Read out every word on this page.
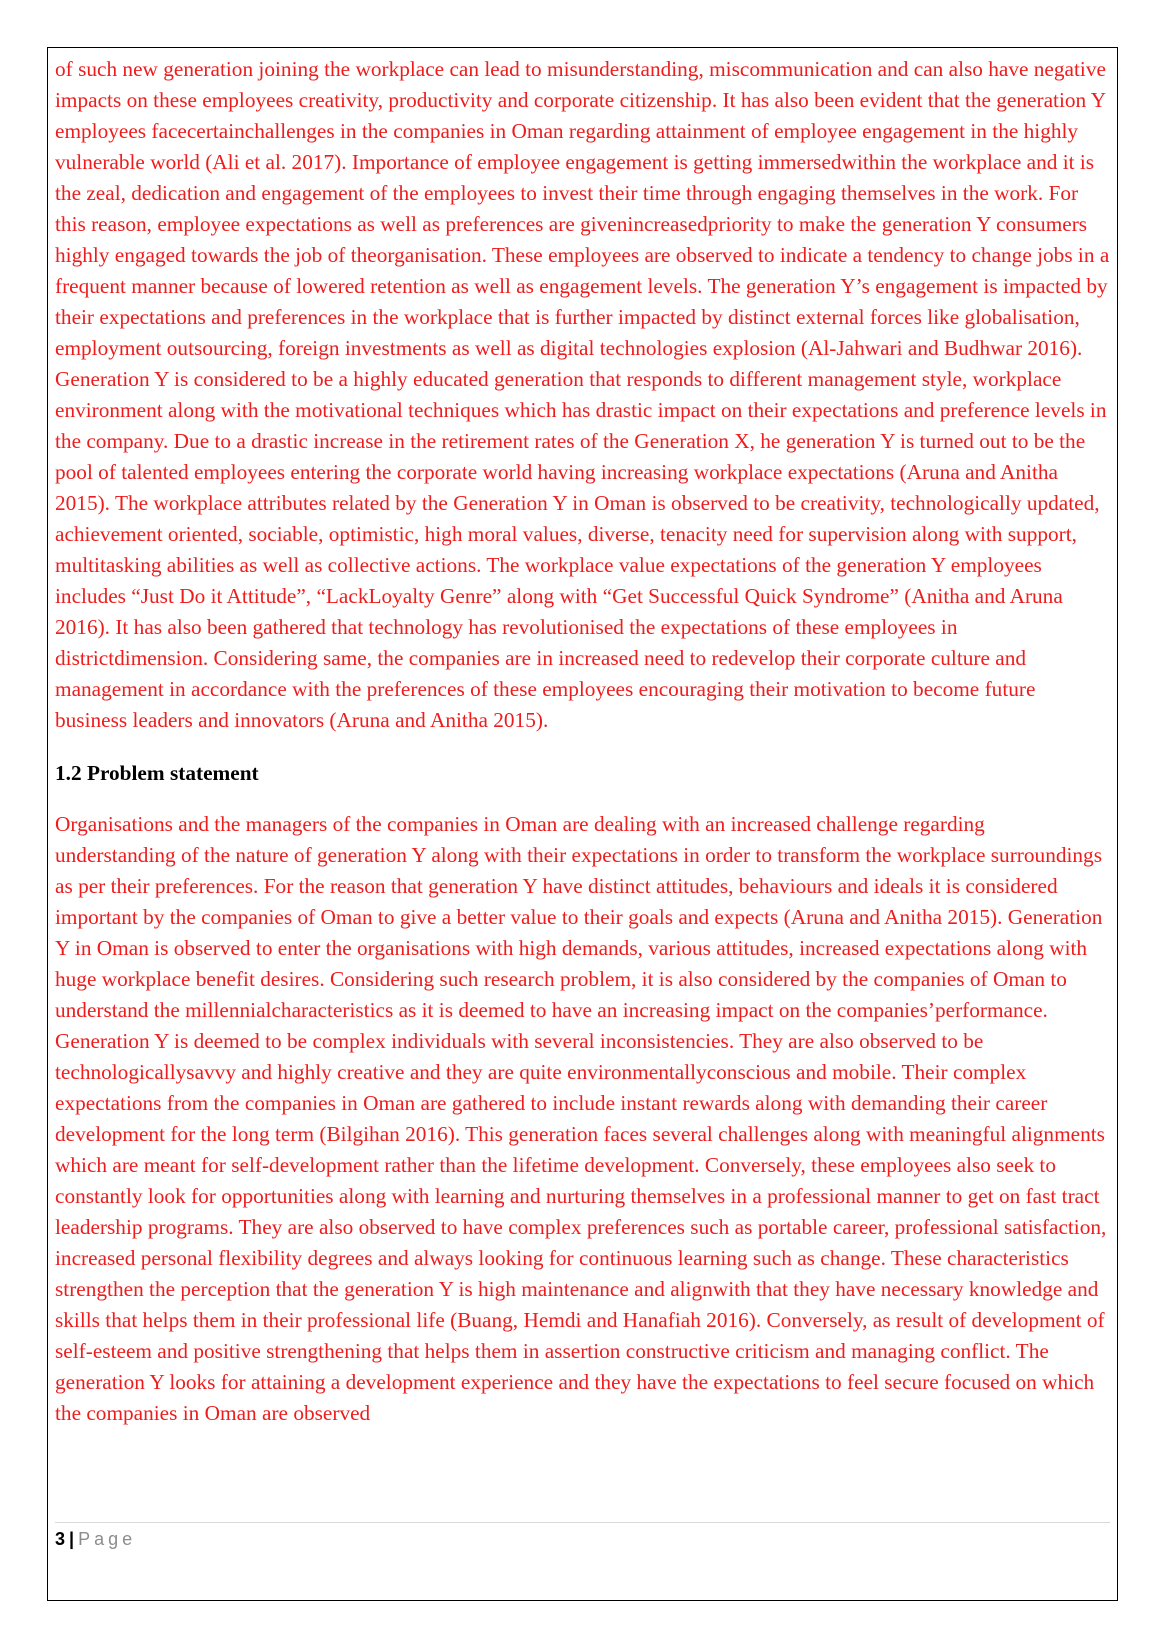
of such new generation joining the workplace can lead to misunderstanding, miscommunication and can also have negative impacts on these employees creativity, productivity and corporate citizenship. It has also been evident that the generation Y employees facecertainchallenges in the companies in Oman regarding attainment of employee engagement in the highly vulnerable world (Ali et al. 2017). Importance of employee engagement is getting immersedwithin the workplace and it is the zeal, dedication and engagement of the employees to invest their time through engaging themselves in the work. For this reason, employee expectations as well as preferences are givenincreasedpriority to make the generation Y consumers highly engaged towards the job of theorganisation. These employees are observed to indicate a tendency to change jobs in a frequent manner because of lowered retention as well as engagement levels. The generation Y’s engagement is impacted by their expectations and preferences in the workplace that is further impacted by distinct external forces like globalisation, employment outsourcing, foreign investments as well as digital technologies explosion (Al-Jahwari and Budhwar 2016). Generation Y is considered to be a highly educated generation that responds to different management style, workplace environment along with the motivational techniques which has drastic impact on their expectations and preference levels in the company. Due to a drastic increase in the retirement rates of the Generation X, he generation Y is turned out to be the pool of talented employees entering the corporate world having increasing workplace expectations (Aruna and Anitha 2015). The workplace attributes related by the Generation Y in Oman is observed to be creativity, technologically updated, achievement oriented, sociable, optimistic, high moral values, diverse, tenacity need for supervision along with support, multitasking abilities as well as collective actions. The workplace value expectations of the generation Y employees includes “Just Do it Attitude”, “LackLoyalty Genre” along with “Get Successful Quick Syndrome” (Anitha and Aruna 2016). It has also been gathered that technology has revolutionised the expectations of these employees in districtdimension. Considering same, the companies are in increased need to redevelop their corporate culture and management in accordance with the preferences of these employees encouraging their motivation to become future business leaders and innovators (Aruna and Anitha 2015).

1.2 Problem statement

Organisations and the managers of the companies in Oman are dealing with an increased challenge regarding understanding of the nature of generation Y along with their expectations in order to transform the workplace surroundings as per their preferences. For the reason that generation Y have distinct attitudes, behaviours and ideals it is considered important by the companies of Oman to give a better value to their goals and expects (Aruna and Anitha 2015). Generation Y in Oman is observed to enter the organisations with high demands, various attitudes, increased expectations along with huge workplace benefit desires. Considering such research problem, it is also considered by the companies of Oman to understand the millennialcharacteristics as it is deemed to have an increasing impact on the companies’performance. Generation Y is deemed to be complex individuals with several inconsistencies. They are also observed to be technologicallysavvy and highly creative and they are quite environmentallyconscious and mobile. Their complex expectations from the companies in Oman are gathered to include instant rewards along with demanding their career development for the long term (Bilgihan 2016). This generation faces several challenges along with meaningful alignments which are meant for self-development rather than the lifetime development. Conversely, these employees also seek to constantly look for opportunities along with learning and nurturing themselves in a professional manner to get on fast tract leadership programs. They are also observed to have complex preferences such as portable career, professional satisfaction, increased personal flexibility degrees and always looking for continuous learning such as change. These characteristics strengthen the perception that the generation Y is high maintenance and alignwith that they have necessary knowledge and skills that helps them in their professional life (Buang, Hemdi and Hanafiah 2016). Conversely, as result of development of self-esteem and positive strengthening that helps them in assertion constructive criticism and managing conflict. The generation Y looks for attaining a development experience and they have the expectations to feel secure focused on which the companies in Oman are observed

3 | Page
